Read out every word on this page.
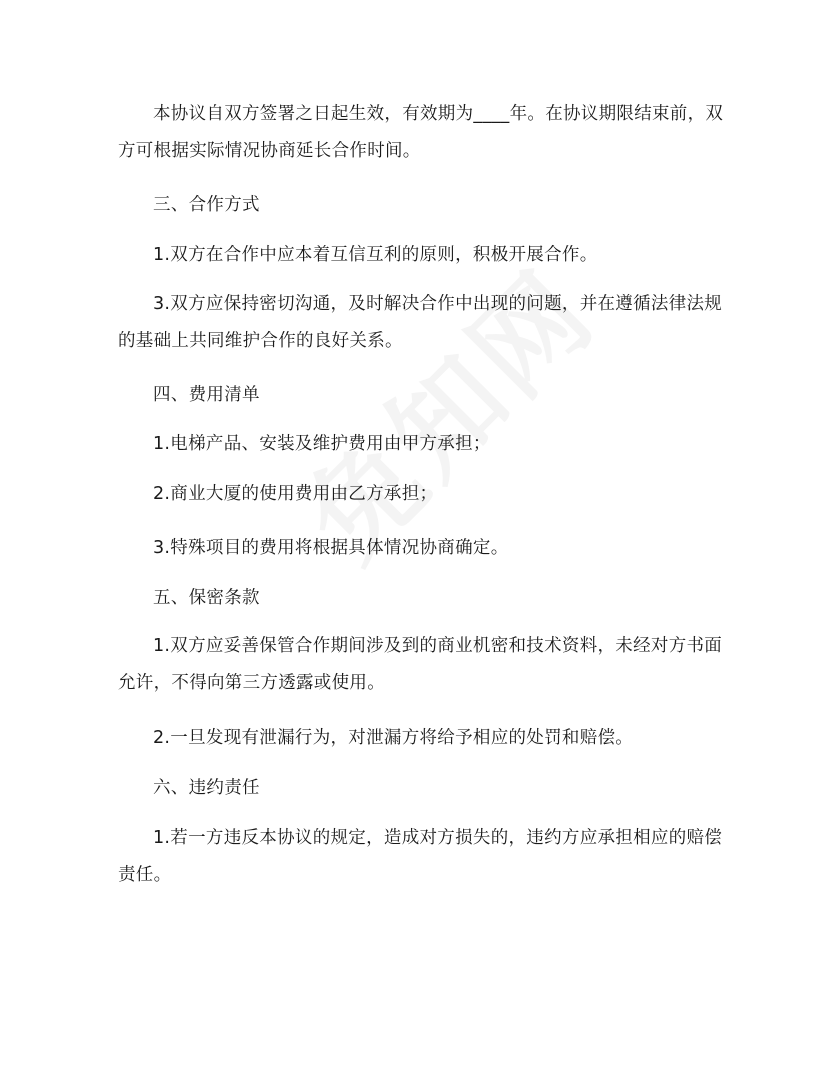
本协议自双方签署之日起生效，有效期为____年。在协议期限结束前，双方可根据实际情况协商延长合作时间。

三、合作方式

1.双方在合作中应本着互信互利的原则，积极开展合作。

3.双方应保持密切沟通，及时解决合作中出现的问题，并在遵循法律法规的基础上共同维护合作的良好关系。

四、费用清单

1.电梯产品、安装及维护费用由甲方承担；

2.商业大厦的使用费用由乙方承担；

3.特殊项目的费用将根据具体情况协商确定。

五、保密条款

1.双方应妥善保管合作期间涉及到的商业机密和技术资料，未经对方书面允许，不得向第三方透露或使用。

2.一旦发现有泄漏行为，对泄漏方将给予相应的处罚和赔偿。

六、违约责任

1.若一方违反本协议的规定，造成对方损失的，违约方应承担相应的赔偿责任。
